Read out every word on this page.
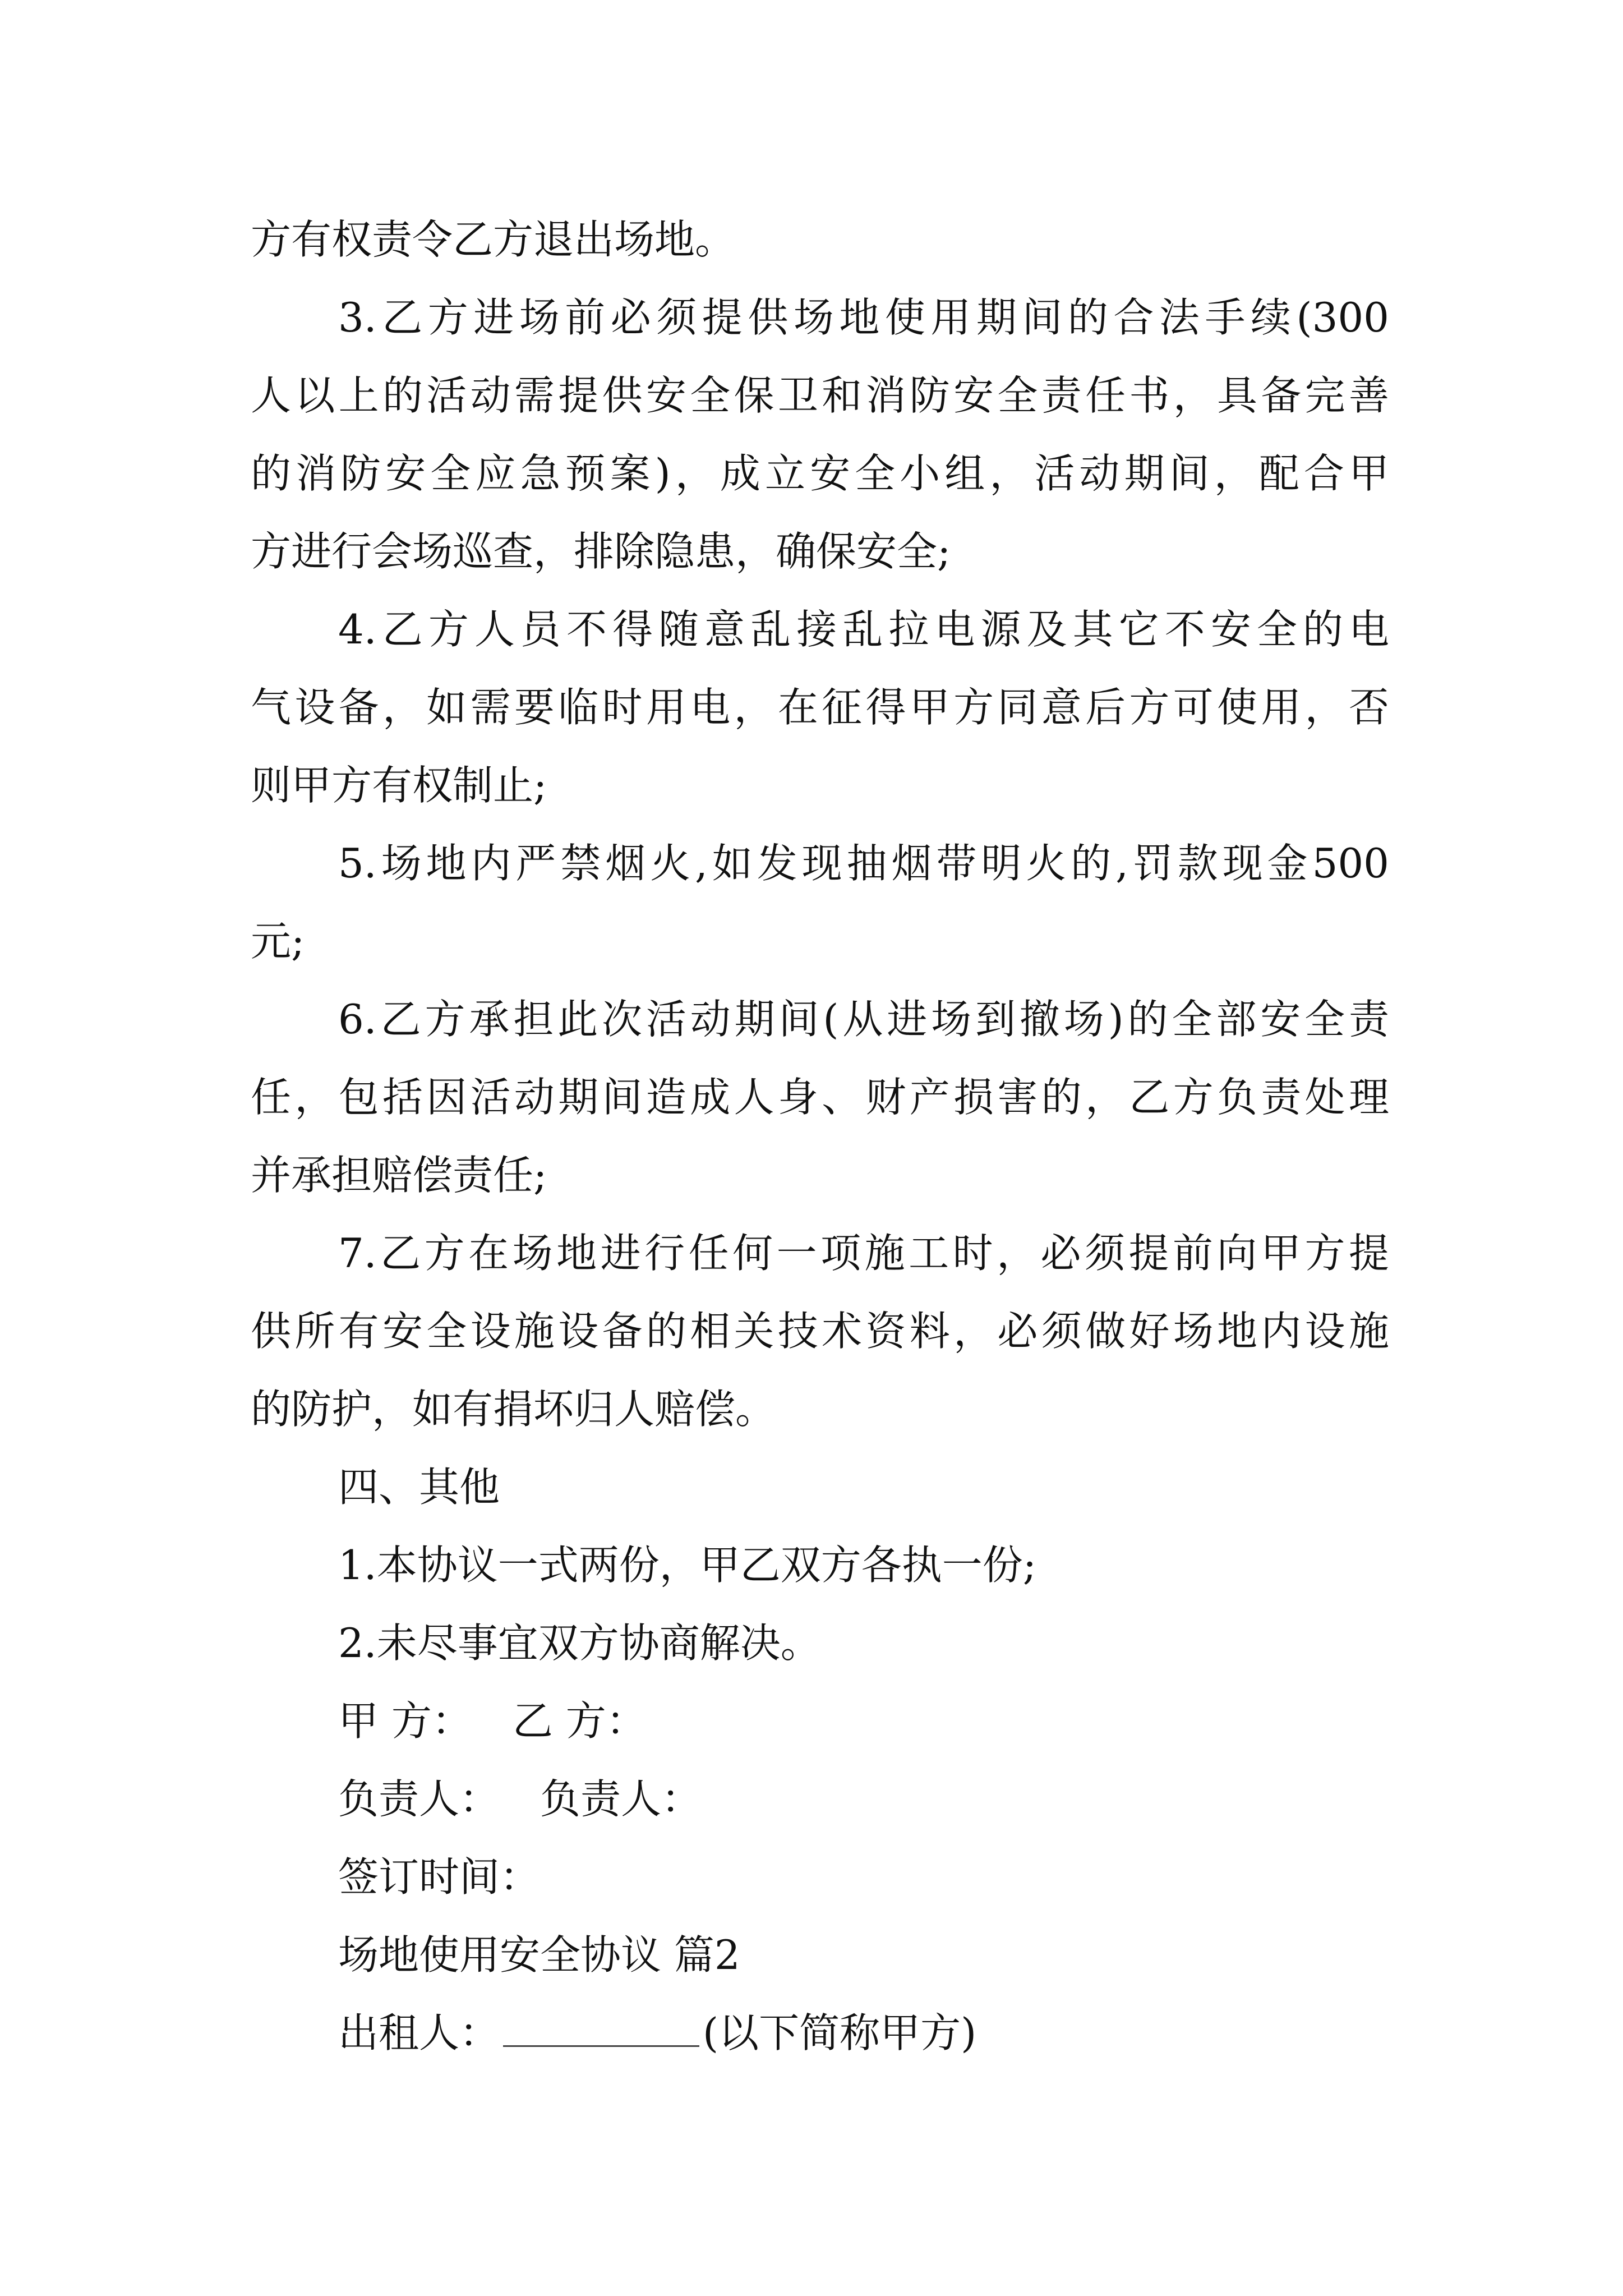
方有权责令乙方退出场地。
3.乙方进场前必须提供场地使用期间的合法手续(300
人以上的活动需提供安全保卫和消防安全责任书，具备完善
的消防安全应急预案)，成立安全小组，活动期间，配合甲
方进行会场巡查，排除隐患，确保安全;
4.乙方人员不得随意乱接乱拉电源及其它不安全的电
气设备，如需要临时用电，在征得甲方同意后方可使用，否
则甲方有权制止;
5.场地内严禁烟火,如发现抽烟带明火的,罚款现金500
元;
6.乙方承担此次活动期间(从进场到撤场)的全部安全责
任，包括因活动期间造成人身、财产损害的，乙方负责处理
并承担赔偿责任;
7.乙方在场地进行任何一项施工时，必须提前向甲方提
供所有安全设施设备的相关技术资料，必须做好场地内设施
的防护，如有捐坏归人赔偿。
四、其他
1.本协议一式两份，甲乙双方各执一份;
2.未尽事宜双方协商解决。
甲 方： 乙 方：
负责人： 负责人：
签订时间：
场地使用安全协议 篇2
出租人：	(以下简称甲方)
